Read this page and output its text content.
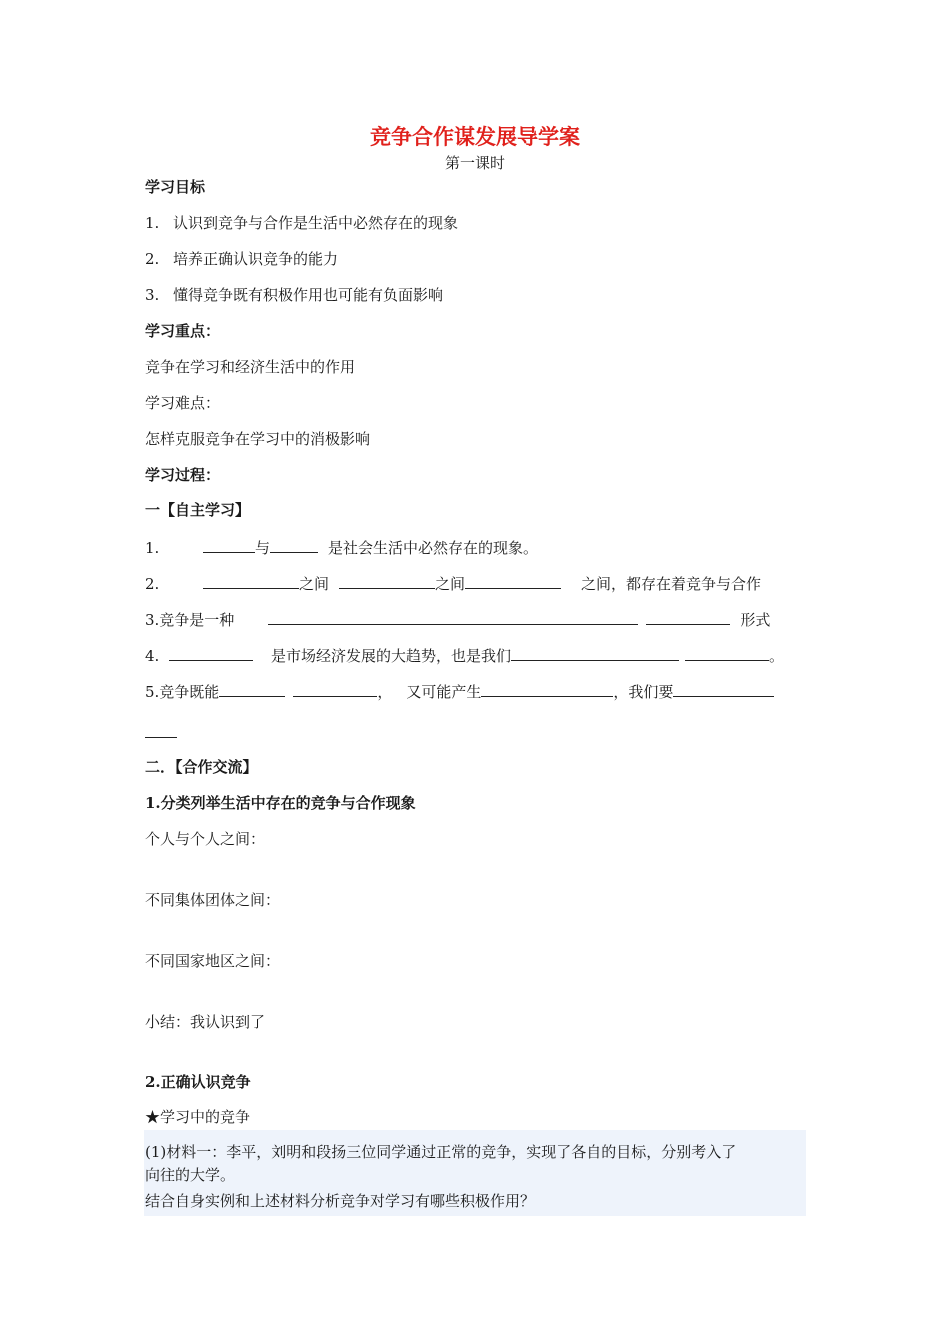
竞争合作谋发展导学案
第一课时
学习目标
1. 认识到竞争与合作是生活中必然存在的现象
2. 培养正确认识竞争的能力
3. 懂得竞争既有积极作用也可能有负面影响
学习重点：
竞争在学习和经济生活中的作用
学习难点：
怎样克服竞争在学习中的消极影响
学习过程：
一【自主学习】
1.	与	是社会生活中必然存在的现象。
2.	之间	之间	之间，都存在着竞争与合作
3.竞争是一种	形式
4.	是市场经济发展的大趋势，也是我们	。
5.竞争既能	， 又可能产生	，我们要
二．【合作交流】
1.分类列举生活中存在的竞争与合作现象
个人与个人之间：
不同集体团体之间：
不同国家地区之间：
小结：我认识到了
2.正确认识竞争
★学习中的竞争
(1)材料一：李平，刘明和段扬三位同学通过正常的竞争，实现了各自的目标，分别考入了
向往的大学。
结合自身实例和上述材料分析竞争对学习有哪些积极作用？
